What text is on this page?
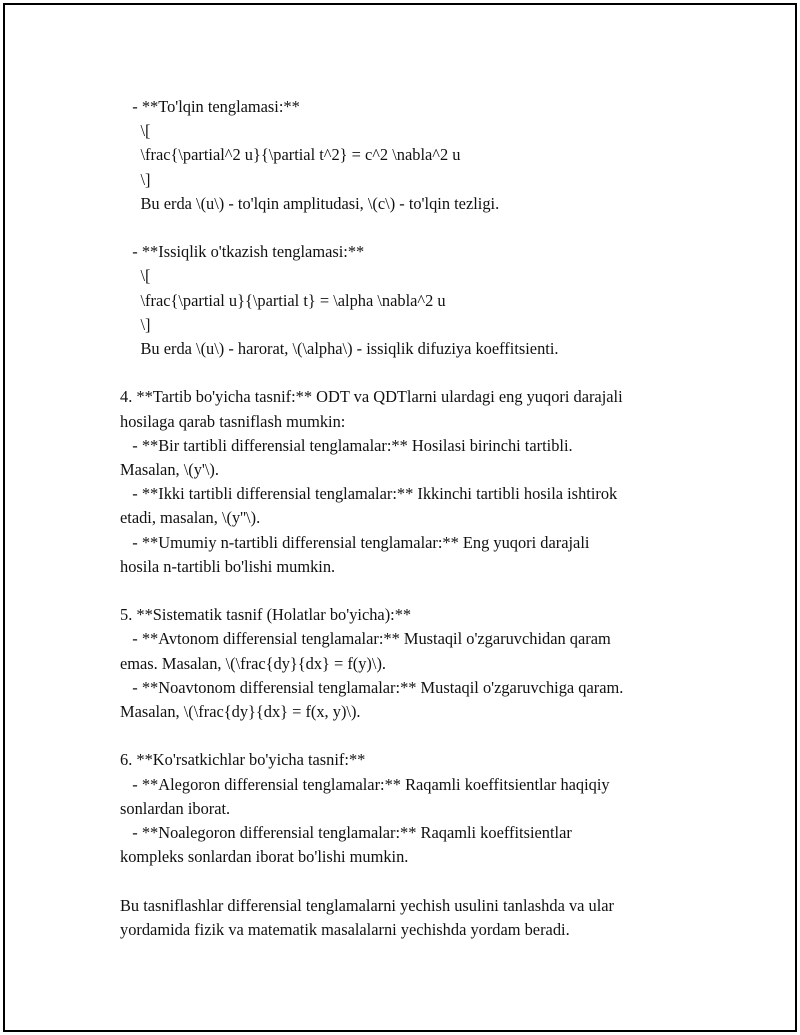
- **To'lqin tenglamasi:**
\[
\frac{\partial^2 u}{\partial t^2} = c^2 \nabla^2 u
\]
Bu erda \(u\) - to'lqin amplitudasi, \(c\) - to'lqin tezligi.
- **Issiqlik o'tkazish tenglamasi:**
\[
\frac{\partial u}{\partial t} = \alpha \nabla^2 u
\]
Bu erda \(u\) - harorat, \(\alpha\) - issiqlik difuziya koeffitsienti.
4. **Tartib bo'yicha tasnif:** ODT va QDTlarni ulardagi eng yuqori darajali
hosilaga qarab tasniflash mumkin:
- **Bir tartibli differensial tenglamalar:** Hosilasi birinchi tartibli.
Masalan, \(y'\).
- **Ikki tartibli differensial tenglamalar:** Ikkinchi tartibli hosila ishtirok
etadi, masalan, \(y''\).
- **Umumiy n-tartibli differensial tenglamalar:** Eng yuqori darajali
hosila n-tartibli bo'lishi mumkin.
5. **Sistematik tasnif (Holatlar bo'yicha):**
- **Avtonom differensial tenglamalar:** Mustaqil o'zgaruvchidan qaram
emas. Masalan, \(\frac{dy}{dx} = f(y)\).
- **Noavtonom differensial tenglamalar:** Mustaqil o'zgaruvchiga qaram.
Masalan, \(\frac{dy}{dx} = f(x, y)\).
6. **Ko'rsatkichlar bo'yicha tasnif:**
- **Alegoron differensial tenglamalar:** Raqamli koeffitsientlar haqiqiy
sonlardan iborat.
- **Noalegoron differensial tenglamalar:** Raqamli koeffitsientlar
kompleks sonlardan iborat bo'lishi mumkin.
Bu tasniflashlar differensial tenglamalarni yechish usulini tanlashda va ular
yordamida fizik va matematik masalalarni yechishda yordam beradi.
